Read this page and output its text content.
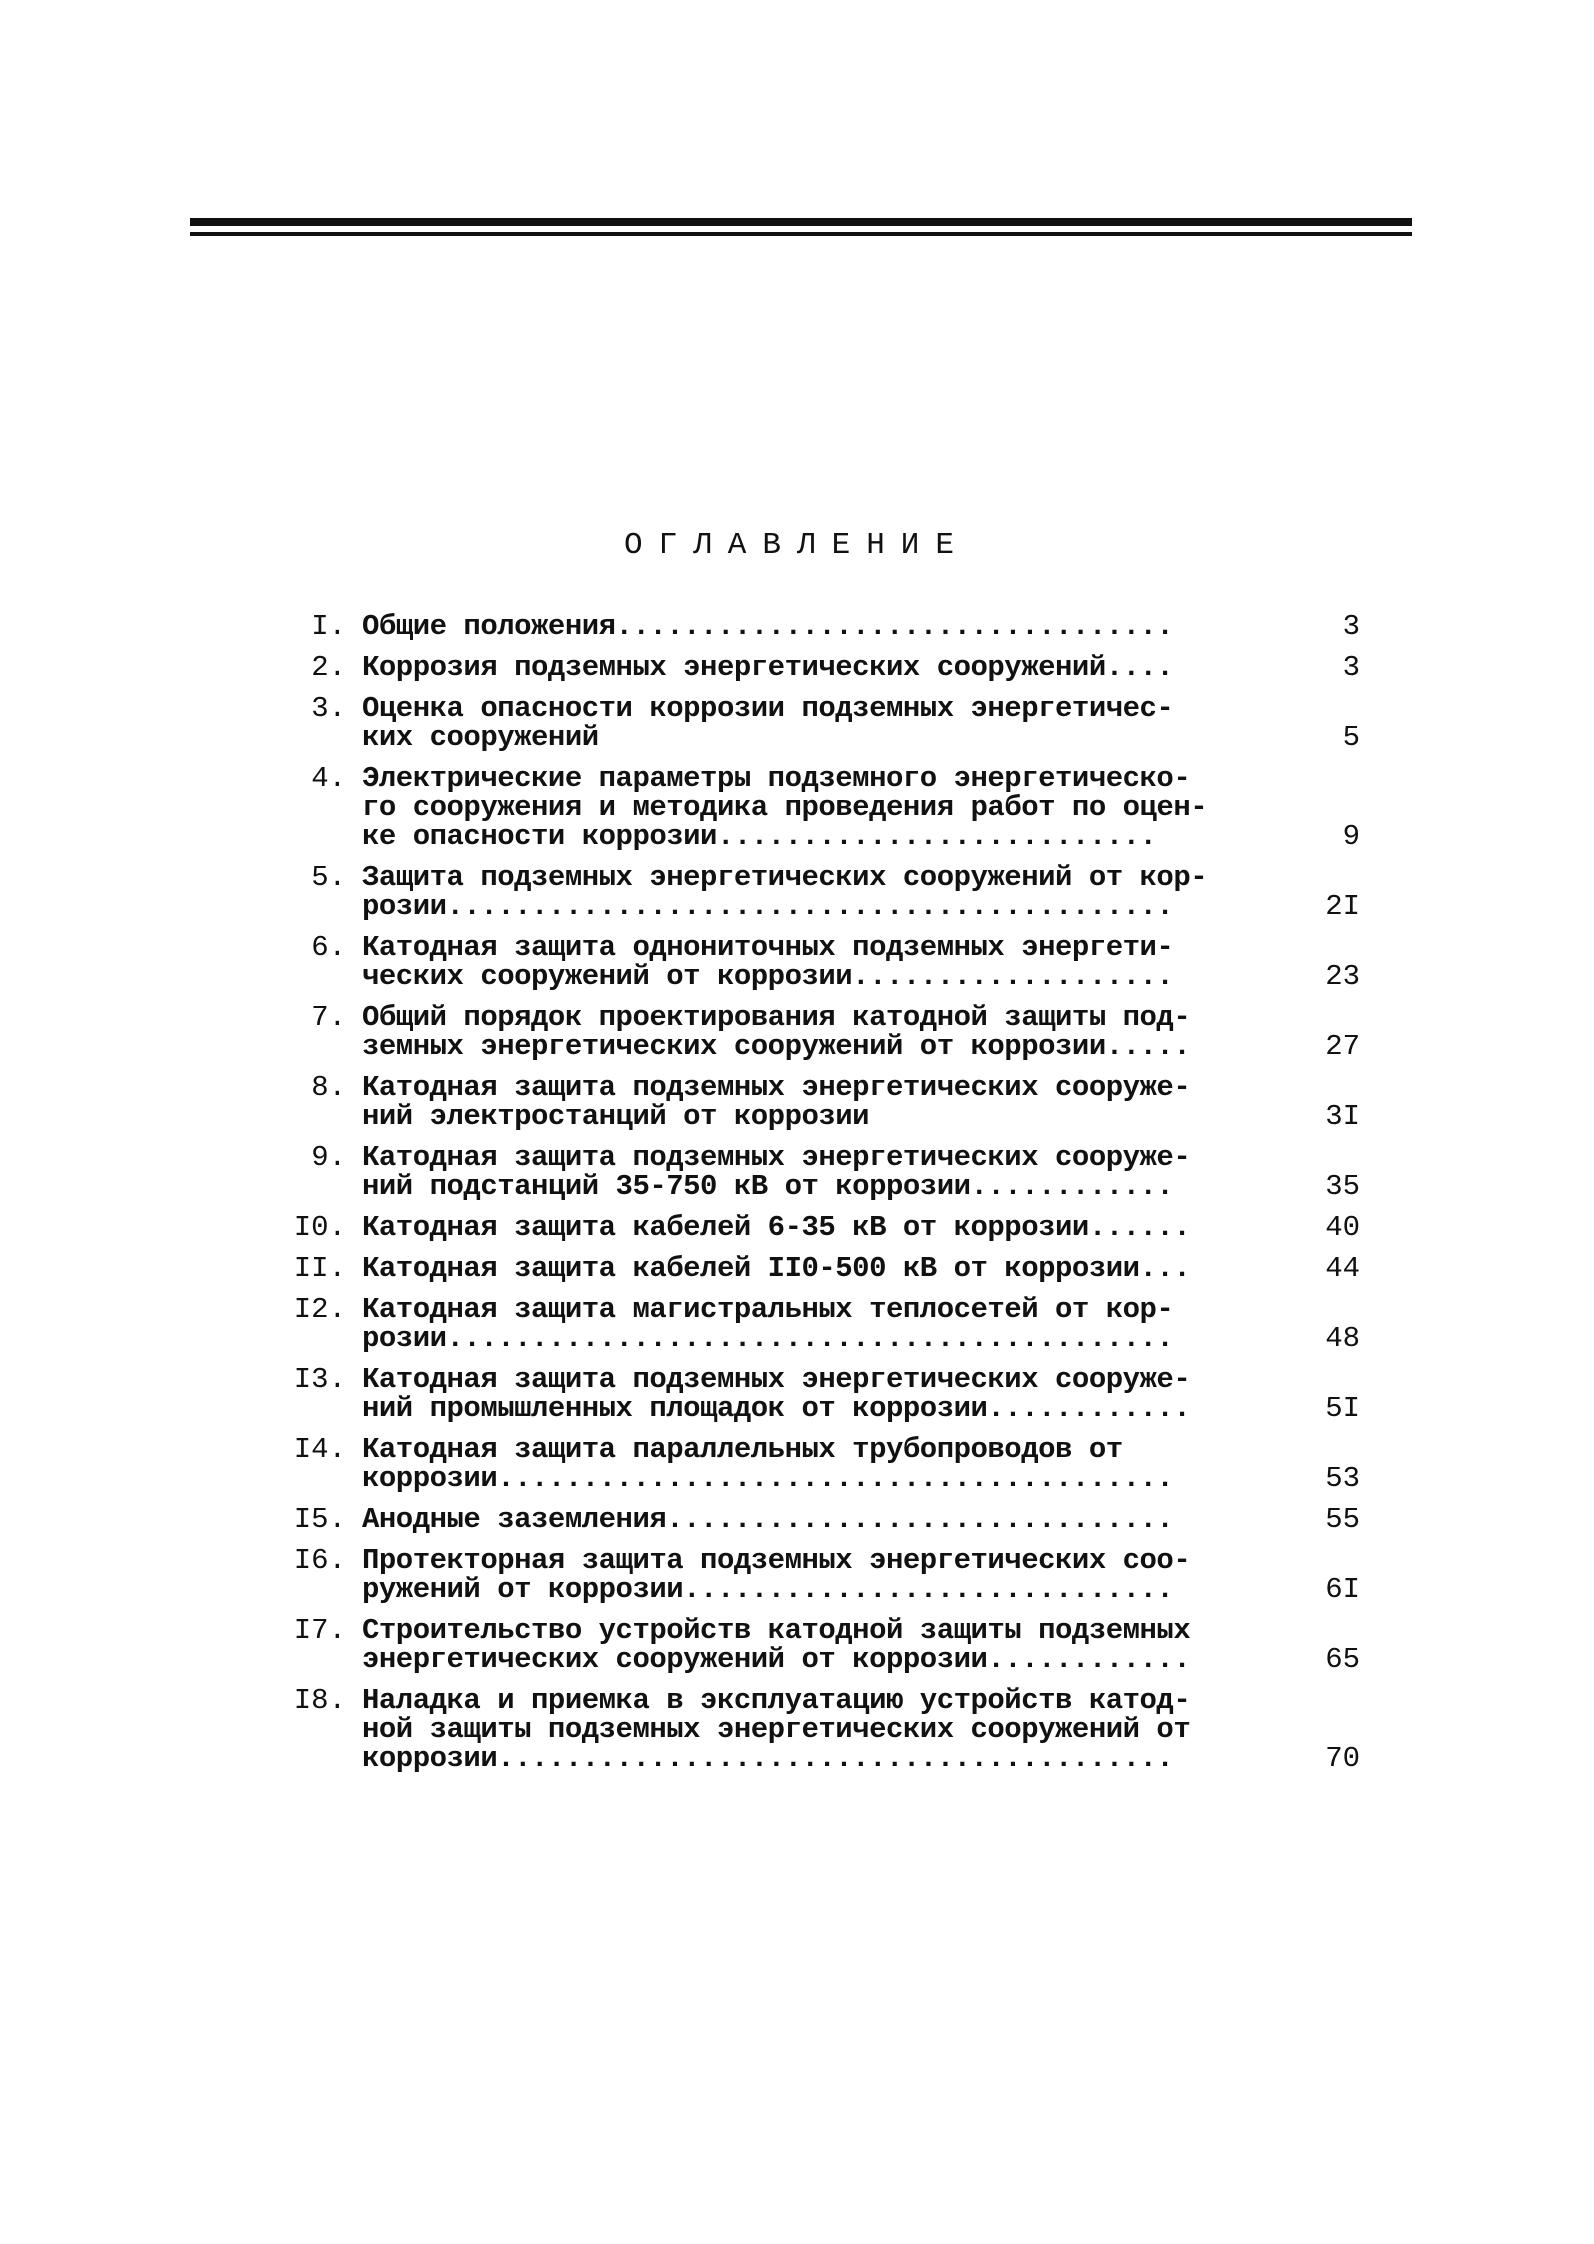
ОГЛАВЛЕНИЕ
I. Общие положения.................................	3
2. Коррозия подземных энергетических сооружений....	3
3. Оценка опасности коррозии подземных энергетичес-
ких сооружений	5
4. Электрические параметры подземного энергетическо-
го сооружения и методика проведения работ по оцен-
ке опасности коррозии..........................	9
5. Защита подземных энергетических сооружений от кор-
розии...........................................	2I
6. Катодная защита однониточных подземных энергети-
ческих сооружений от коррозии...................	23
7. Общий порядок проектирования катодной защиты под-
земных энергетических сооружений от коррозии.....	27
8. Катодная защита подземных энергетических сооруже-
ний электростанций от коррозии	3I
9. Катодная защита подземных энергетических сооруже-
ний подстанций 35-750 кВ от коррозии............	35
I0. Катодная защита кабелей 6-35 кВ от коррозии......	40
II. Катодная защита кабелей II0-500 кВ от коррозии...	44
I2. Катодная защита магистральных теплосетей от кор-
розии...........................................	48
I3. Катодная защита подземных энергетических сооруже-
ний промышленных площадок от коррозии............	5I
I4. Катодная защита параллельных трубопроводов от
коррозии........................................	53
I5. Анодные заземления..............................	55
I6. Протекторная защита подземных энергетических соо-
ружений от коррозии.............................	6I
I7. Строительство устройств катодной защиты подземных
энергетических сооружений от коррозии............	65
I8. Наладка и приемка в эксплуатацию устройств катод-
ной защиты подземных энергетических сооружений от
коррозии........................................	70
